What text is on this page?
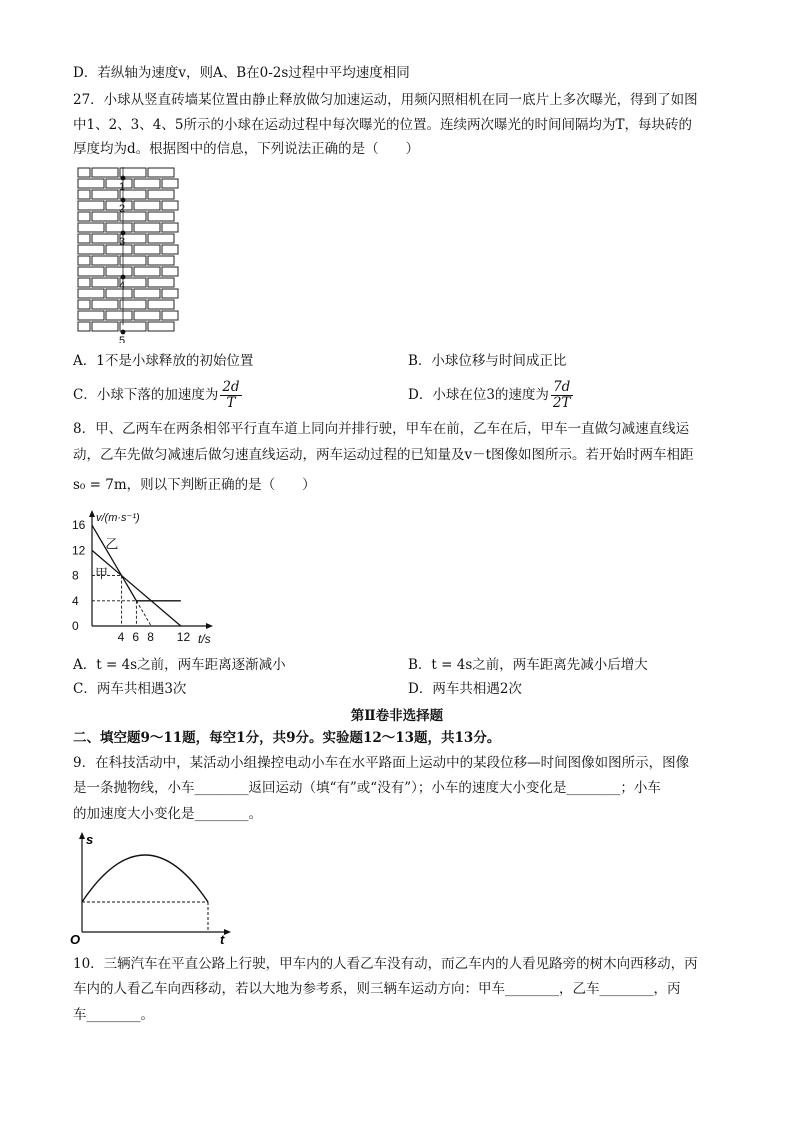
D．若纵轴为速度v，则A、B在0-2s过程中平均速度相同
27．小球从竖直砖墙某位置由静止释放做匀加速运动，用频闪照相机在同一底片上多次曝光，得到了如图
中1、2、3、4、5所示的小球在运动过程中每次曝光的位置。连续两次曝光的时间间隔均为T，每块砖的
厚度均为d。根据图中的信息，下列说法正确的是（　　）
1
2
3
4
5
A．1不是小球释放的初始位置	B．小球位移与时间成正比
C．小球下落的加速度为 $\frac{2d}{T}$	D．小球在位3的速度为 $\frac{7d}{2T}$
8．甲、乙两车在两条相邻平行直车道上同向并排行驶，甲车在前，乙车在后，甲车一直做匀减速直线运
动，乙车先做匀减速后做匀速直线运动，两车运动过程的已知量及v－t图像如图所示。若开始时两车相距
s₀ = 7m，则以下判断正确的是（　　）
16
12
8
4
0
4 6 8 12
v/(m·s⁻¹)
t/s
乙
甲
A．t = 4s之前，两车距离逐渐减小	B．t = 4s之前，两车距离先减小后增大
C．两车共相遇3次	D．两车共相遇2次
第Ⅱ卷非选择题
二、填空题9～11题，每空1分，共9分。实验题12～13题，共13分。
9．在科技活动中，某活动小组操控电动小车在水平路面上运动中的某段位移—时间图像如图所示，图像
是一条抛物线，小车________返回运动（填“有”或“没有”）；小车的速度大小变化是________；小车
的加速度大小变化是________。
s
t
O
10．三辆汽车在平直公路上行驶，甲车内的人看乙车没有动，而乙车内的人看见路旁的树木向西移动，丙
车内的人看乙车向西移动，若以大地为参考系，则三辆车运动方向：甲车________，乙车________，丙
车________。
